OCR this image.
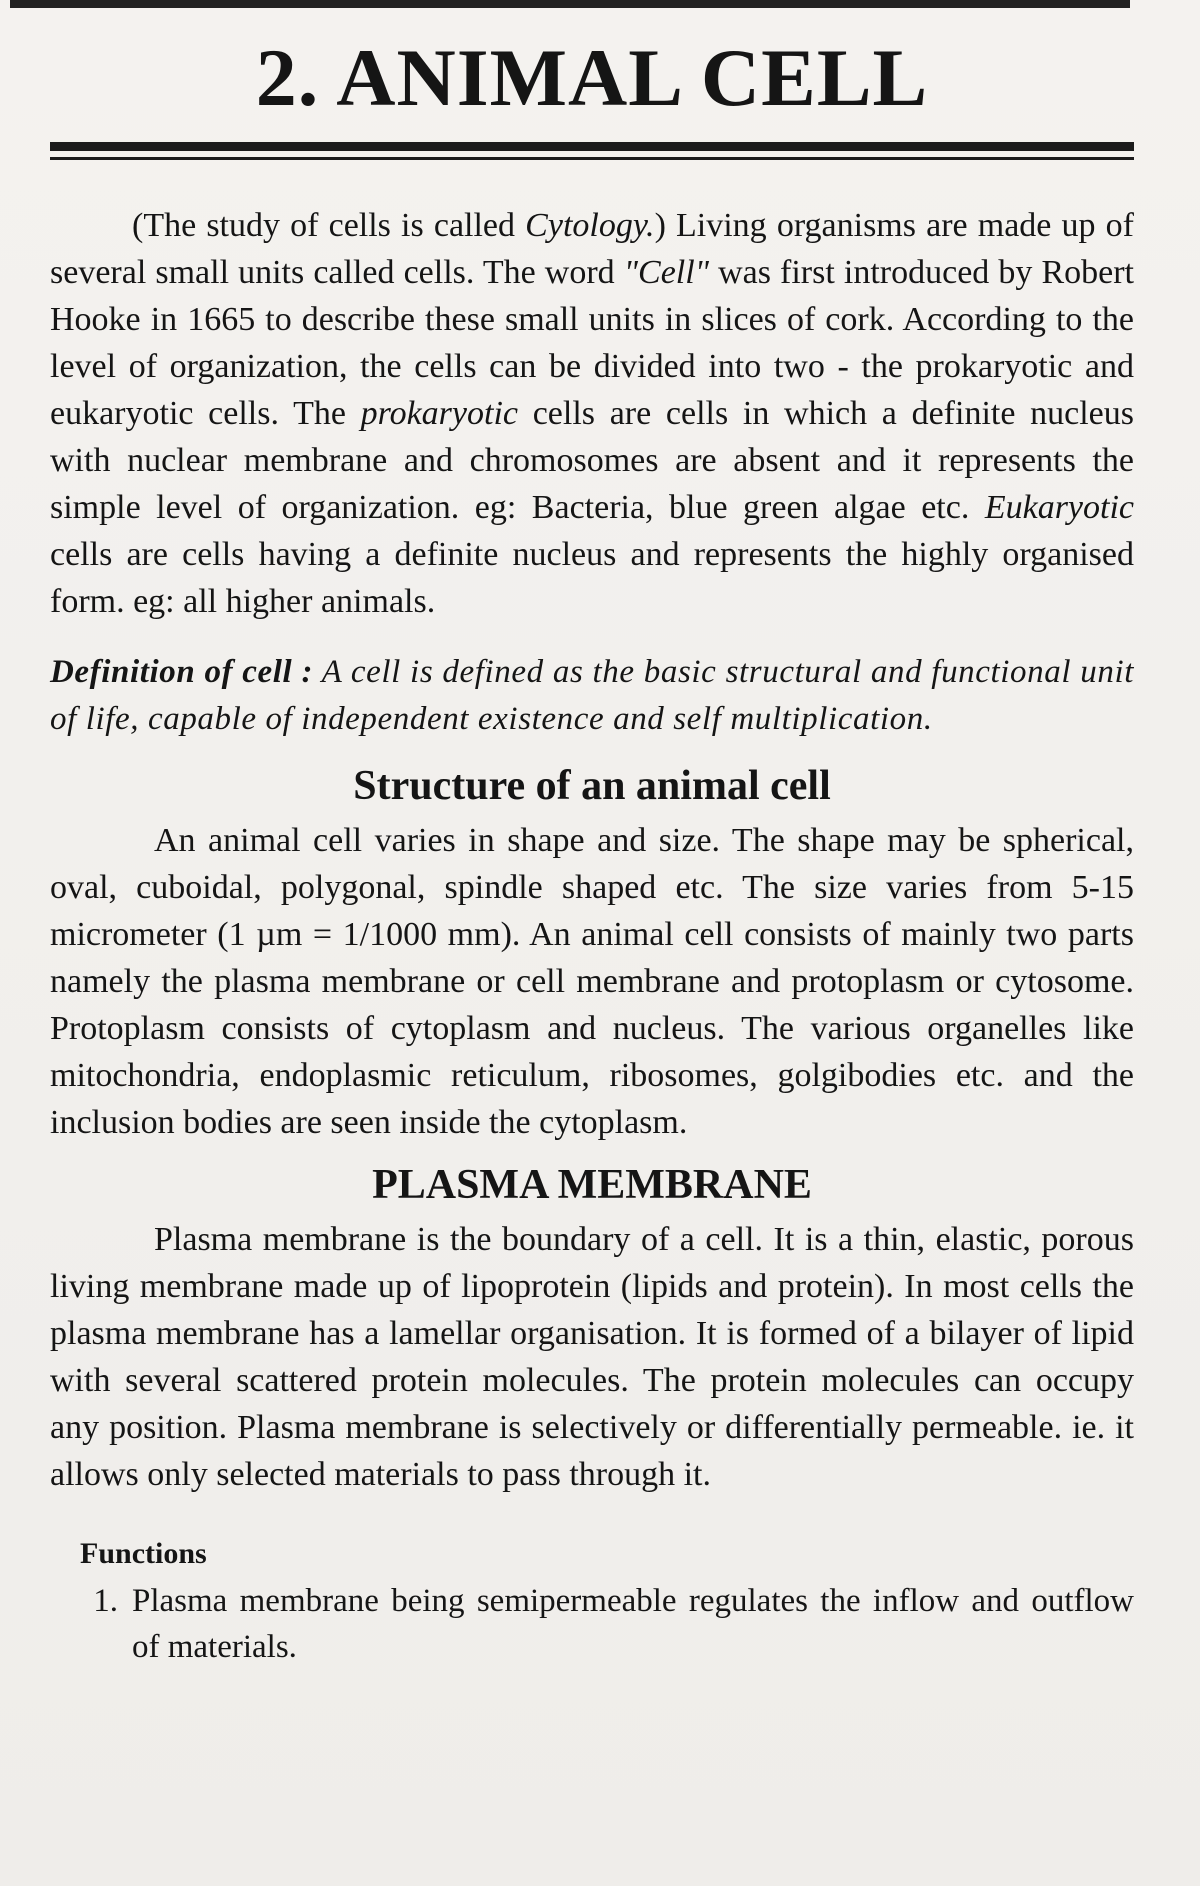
2. ANIMAL CELL

(The study of cells is called Cytology.) Living organisms are made up of several small units called cells. The word "Cell" was first introduced by Robert Hooke in 1665 to describe these small units in slices of cork. According to the level of organization, the cells can be divided into two - the prokaryotic and eukaryotic cells. The prokaryotic cells are cells in which a definite nucleus with nuclear membrane and chromosomes are absent and it represents the simple level of organization. eg: Bacteria, blue green algae etc. Eukaryotic cells are cells having a definite nucleus and represents the highly organised form. eg: all higher animals.

Definition of cell : A cell is defined as the basic structural and functional unit of life, capable of independent existence and self multiplication.

Structure of an animal cell

An animal cell varies in shape and size. The shape may be spherical, oval, cuboidal, polygonal, spindle shaped etc. The size varies from 5-15 micrometer (1 µm = 1/1000 mm). An animal cell consists of mainly two parts namely the plasma membrane or cell membrane and protoplasm or cytosome. Protoplasm consists of cytoplasm and nucleus. The various organelles like mitochondria, endoplasmic reticulum, ribosomes, golgibodies etc. and the inclusion bodies are seen inside the cytoplasm.

PLASMA MEMBRANE

Plasma membrane is the boundary of a cell. It is a thin, elastic, porous living membrane made up of lipoprotein (lipids and protein). In most cells the plasma membrane has a lamellar organisation. It is formed of a bilayer of lipid with several scattered protein molecules. The protein molecules can occupy any position. Plasma membrane is selectively or differentially permeable. ie. it allows only selected materials to pass through it.

Functions
1. Plasma membrane being semipermeable regulates the inflow and outflow of materials.
